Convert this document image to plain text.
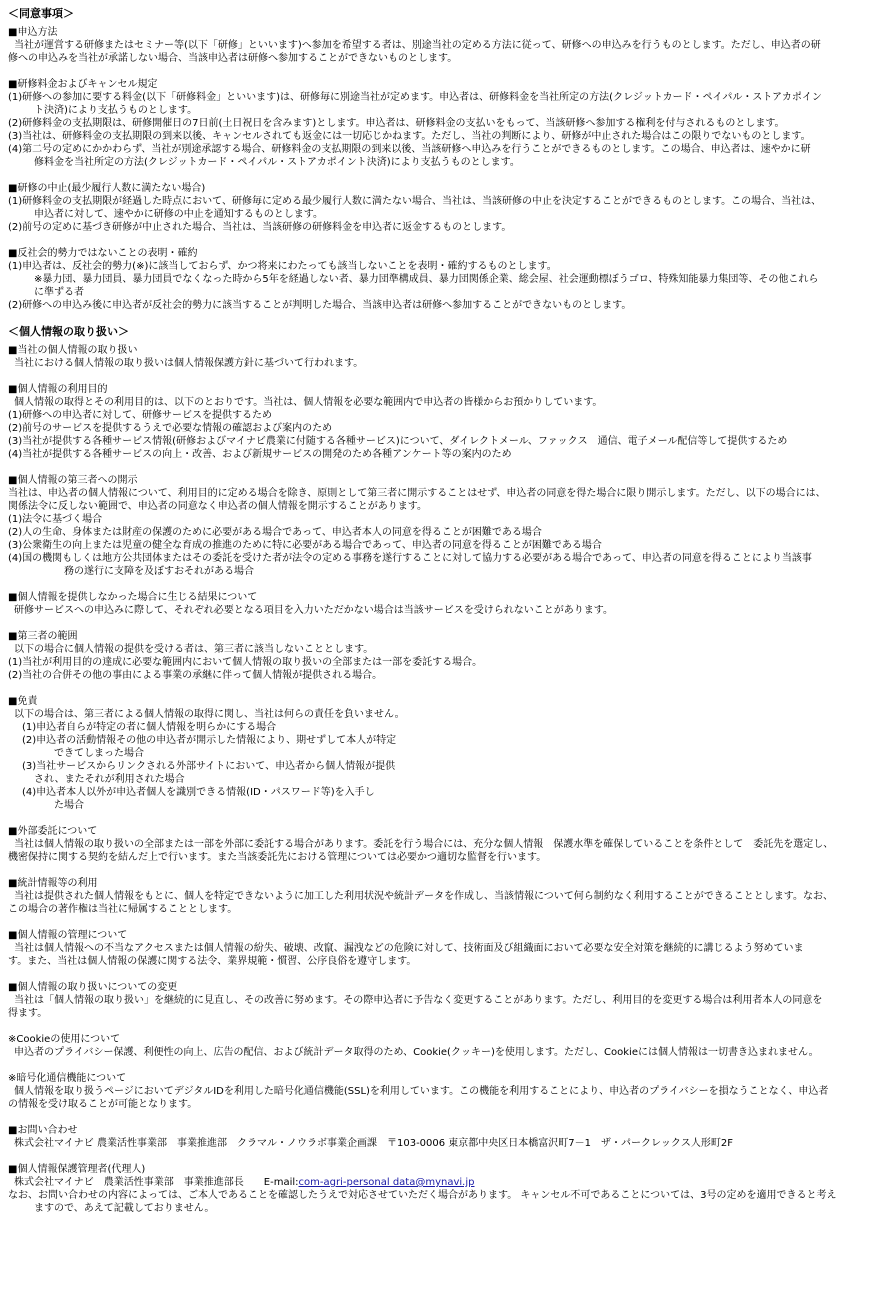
＜同意事項＞
■申込方法
当社が運営する研修またはセミナー等(以下「研修」といいます)へ参加を希望する者は、別途当社の定める方法に従って、研修への申込みを行うものとします。ただし、申込者の研
修への申込みを当社が承諾しない場合、当該申込者は研修へ参加することができないものとします。
■研修料金およびキャンセル規定
(1)研修への参加に要する料金(以下「研修料金」といいます)は、研修毎に別途当社が定めます。申込者は、研修料金を当社所定の方法(クレジットカード・ペイパル・ストアカポイン
ト決済)により支払うものとします。
(2)研修料金の支払期限は、研修開催日の7日前(土日祝日を含みます)とします。申込者は、研修料金の支払いをもって、当該研修へ参加する権利を付与されるものとします。
(3)当社は、研修料金の支払期限の到来以後、キャンセルされても返金には一切応じかねます。ただし、当社の判断により、研修が中止された場合はこの限りでないものとします。
(4)第二号の定めにかかわらず、当社が別途承認する場合、研修料金の支払期限の到来以後、当該研修へ申込みを行うことができるものとします。この場合、申込者は、速やかに研
修料金を当社所定の方法(クレジットカード・ペイパル・ストアカポイント決済)により支払うものとします。
■研修の中止(最少履行人数に満たない場合)
(1)研修料金の支払期限が経過した時点において、研修毎に定める最少履行人数に満たない場合、当社は、当該研修の中止を決定することができるものとします。この場合、当社は、
申込者に対して、速やかに研修の中止を通知するものとします。
(2)前号の定めに基づき研修が中止された場合、当社は、当該研修の研修料金を申込者に返金するものとします。
■反社会的勢力ではないことの表明・確約
(1)申込者は、反社会的勢力(※)に該当しておらず、かつ将来にわたっても該当しないことを表明・確約するものとします。
※暴力団、暴力団員、暴力団員でなくなった時から5年を経過しない者、暴力団準構成員、暴力団関係企業、総会屋、社会運動標ぼうゴロ、特殊知能暴力集団等、その他これら
に準ずる者
(2)研修への申込み後に申込者が反社会的勢力に該当することが判明した場合、当該申込者は研修へ参加することができないものとします。
＜個人情報の取り扱い＞
■当社の個人情報の取り扱い
当社における個人情報の取り扱いは個人情報保護方針に基づいて行われます。
■個人情報の利用目的
個人情報の取得とその利用目的は、以下のとおりです。当社は、個人情報を必要な範囲内で申込者の皆様からお預かりしています。
(1)研修への申込者に対して、研修サービスを提供するため
(2)前号のサービスを提供するうえで必要な情報の確認および案内のため
(3)当社が提供する各種サービス情報(研修およびマイナビ農業に付随する各種サービス)について、ダイレクトメール、ファックス　通信、電子メール配信等して提供するため
(4)当社が提供する各種サービスの向上・改善、および新規サービスの開発のため各種アンケート等の案内のため
■個人情報の第三者への開示
当社は、申込者の個人情報について、利用目的に定める場合を除き、原則として第三者に開示することはせず、申込者の同意を得た場合に限り開示します。ただし、以下の場合には、
関係法令に反しない範囲で、申込者の同意なく申込者の個人情報を開示することがあります。
(1)法令に基づく場合
(2)人の生命、身体または財産の保護のために必要がある場合であって、申込者本人の同意を得ることが困難である場合
(3)公衆衛生の向上または児童の健全な育成の推進のために特に必要がある場合であって、申込者の同意を得ることが困難である場合
(4)国の機関もしくは地方公共団体またはその委託を受けた者が法令の定める事務を遂行することに対して協力する必要がある場合であって、申込者の同意を得ることにより当該事
務の遂行に支障を及ぼすおそれがある場合
■個人情報を提供しなかった場合に生じる結果について
研修サービスへの申込みに際して、それぞれ必要となる項目を入力いただかない場合は当該サービスを受けられないことがあります。
■第三者の範囲
以下の場合に個人情報の提供を受ける者は、第三者に該当しないこととします。
(1)当社が利用目的の達成に必要な範囲内において個人情報の取り扱いの全部または一部を委託する場合。
(2)当社の合併その他の事由による事業の承継に伴って個人情報が提供される場合。
■免責
以下の場合は、第三者による個人情報の取得に関し、当社は何らの責任を負いません。
(1)申込者自らが特定の者に個人情報を明らかにする場合
(2)申込者の活動情報その他の申込者が開示した情報により、期せずして本人が特定
できてしまった場合
(3)当社サービスからリンクされる外部サイトにおいて、申込者から個人情報が提供
され、またそれが利用された場合
(4)申込者本人以外が申込者個人を識別できる情報(ID・パスワード等)を入手し
た場合
■外部委託について
当社は個人情報の取り扱いの全部または一部を外部に委託する場合があります。委託を行う場合には、充分な個人情報　保護水準を確保していることを条件として　委託先を選定し、
機密保持に関する契約を結んだ上で行います。また当該委託先における管理については必要かつ適切な監督を行います。
■統計情報等の利用
当社は提供された個人情報をもとに、個人を特定できないように加工した利用状況や統計データを作成し、当該情報について何ら制約なく利用することができることとします。なお、
この場合の著作権は当社に帰属することとします。
■個人情報の管理について
当社は個人情報への不当なアクセスまたは個人情報の紛失、破壊、改竄、漏洩などの危険に対して、技術面及び組織面において必要な安全対策を継続的に講じるよう努めていま
す。また、当社は個人情報の保護に関する法令、業界規範・慣習、公序良俗を遵守します。
■個人情報の取り扱いについての変更
当社は「個人情報の取り扱い」を継続的に見直し、その改善に努めます。その際申込者に予告なく変更することがあります。ただし、利用目的を変更する場合は利用者本人の同意を
得ます。
※Cookieの使用について
申込者のプライバシー保護、利便性の向上、広告の配信、および統計データ取得のため、Cookie(クッキー)を使用します。ただし、Cookieには個人情報は一切書き込まれません。
※暗号化通信機能について
個人情報を取り扱うページにおいてデジタルIDを利用した暗号化通信機能(SSL)を利用しています。この機能を利用することにより、申込者のプライバシーを損なうことなく、申込者
の情報を受け取ることが可能となります。
■お問い合わせ
株式会社マイナビ 農業活性事業部　事業推進部　クラマル・ノウラボ事業企画課　〒103-0006 東京都中央区日本橋富沢町7－1　ザ・パークレックス人形町2F
■個人情報保護管理者(代理人)
株式会社マイナビ　農業活性事業部　事業推進部長　　E-mail:com-agri-personal data@mynavi.jp
なお、お問い合わせの内容によっては、ご本人であることを確認したうえで対応させていただく場合があります。 キャンセル不可であることについては、3号の定めを適用できると考え
ますので、あえて記載しておりません。
